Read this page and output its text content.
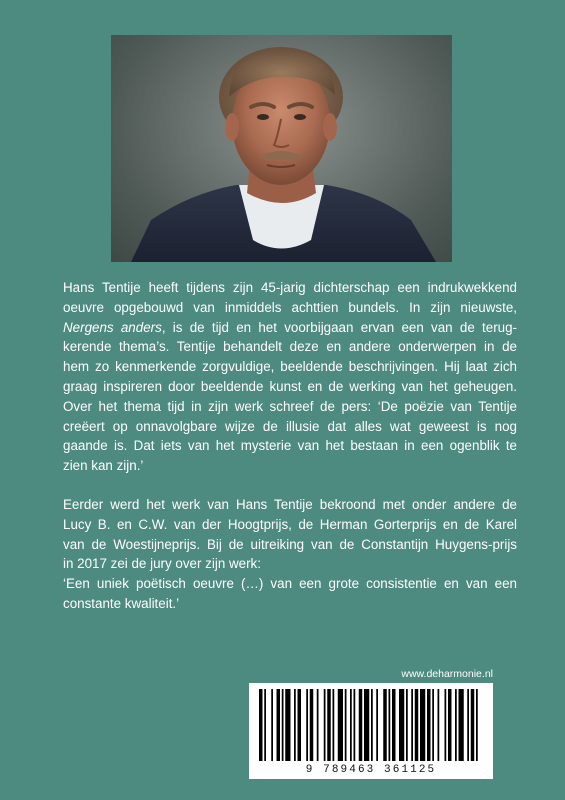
Hans Tentije heeft tijdens zijn 45-jarig dichterschap een indrukwekkend
oeuvre opgebouwd van inmiddels achttien bundels. In zijn nieuwste,
Nergens anders, is de tijd en het voorbijgaan ervan een van de terug-
kerende thema’s. Tentije behandelt deze en andere onderwerpen in de
hem zo kenmerkende zorgvuldige, beeldende beschrijvingen. Hij laat zich
graag inspireren door beeldende kunst en de werking van het geheugen.
Over het thema tijd in zijn werk schreef de pers: ‘De poëzie van Tentije
creëert op onnavolgbare wijze de illusie dat alles wat geweest is nog
gaande is. Dat iets van het mysterie van het bestaan in een ogenblik te
zien kan zijn.’

Eerder werd het werk van Hans Tentije bekroond met onder andere de
Lucy B. en C.W. van der Hoogtprijs, de Herman Gorterprijs en de Karel
van de Woestijneprijs. Bij de uitreiking van de Constantijn Huygens-prijs
in 2017 zei de jury over zijn werk:

‘Een uniek poëtisch oeuvre (…) van een grote consistentie en van een
constante kwaliteit.’

www.deharmonie.nl
9 789463 361125
